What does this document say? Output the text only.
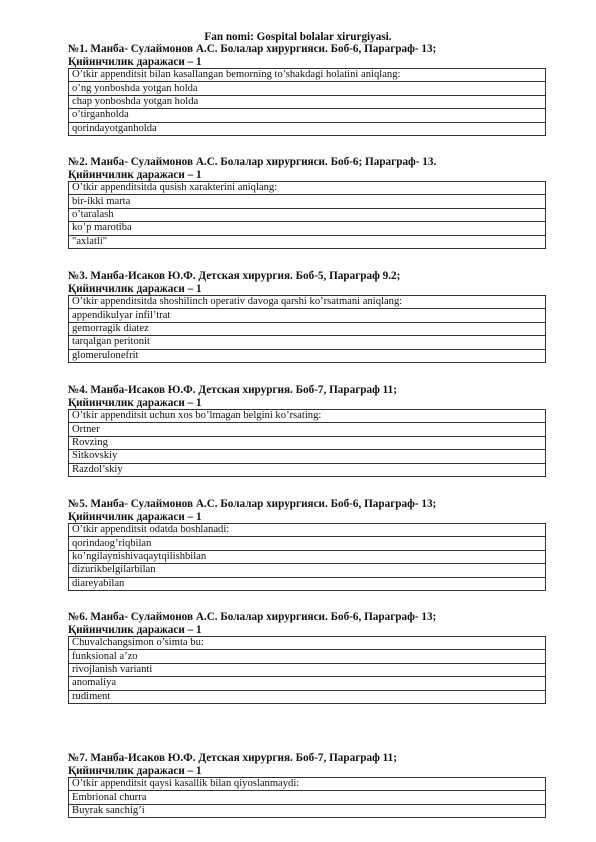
Fan nomi: Gospital bolalar xirurgiyasi.
№1. Манба- Сулаймонов А.С. Болалар хирургияси. Боб-6, Параграф- 13;
Қийинчилик даражаси – 1
O’tkir appenditsit bilan kasallangan bemorning to’shakdagi holatini aniqlang:
o’ng yonboshda yotgan holda
chap yonboshda yotgan holda
o’tirganholda
qorindayotganholda
№2. Манба- Сулаймонов А.С. Болалар хирургияси. Боб-6; Параграф- 13.
Қийинчилик даражаси – 1
O’tkir appenditsitda qusish xarakterini aniqlang:
bir-ikki marta
o’taralash
ko’p marotiba
"axlatli"
№3. Манба-Исаков Ю.Ф. Детская хирургия. Боб-5, Параграф 9.2;
Қийинчилик даражаси – 1
O’tkir appenditsitda shoshilinch operativ davoga qarshi ko’rsatmani aniqlang:
appendikulyar infil’trat
gemorragik diatez
tarqalgan peritonit
glomerulonefrit
№4. Манба-Исаков Ю.Ф. Детская хирургия. Боб-7, Параграф 11;
Қийинчилик даражаси – 1
O’tkir appenditsit uchun xos bo’lmagan belgini ko’rsating:
Ortner
Rovzing
Sitkovskiy
Razdol’skiy
№5. Манба- Сулаймонов А.С. Болалар хирургияси. Боб-6, Параграф- 13;
Қийинчилик даражаси – 1
O’tkir appenditsit odatda boshlanadi:
qorindaog’riqbilan
ko’ngilaynishivaqaytqilishbilan
dizurikbelgilarbilan
diareyabilan
№6. Манба- Сулаймонов А.С. Болалар хирургияси. Боб-6, Параграф- 13;
Қийинчилик даражаси – 1
Chuvalchangsimon o’simta bu:
funksional a’zo
rivojlanish varianti
anomaliya
rudiment
№7. Манба-Исаков Ю.Ф. Детская хирургия. Боб-7, Параграф 11;
Қийинчилик даражаси – 1
O’tkir appenditsit qaysi kasallik bilan qiyoslanmaydi:
Embrional churra
Buyrak sanchig’i
